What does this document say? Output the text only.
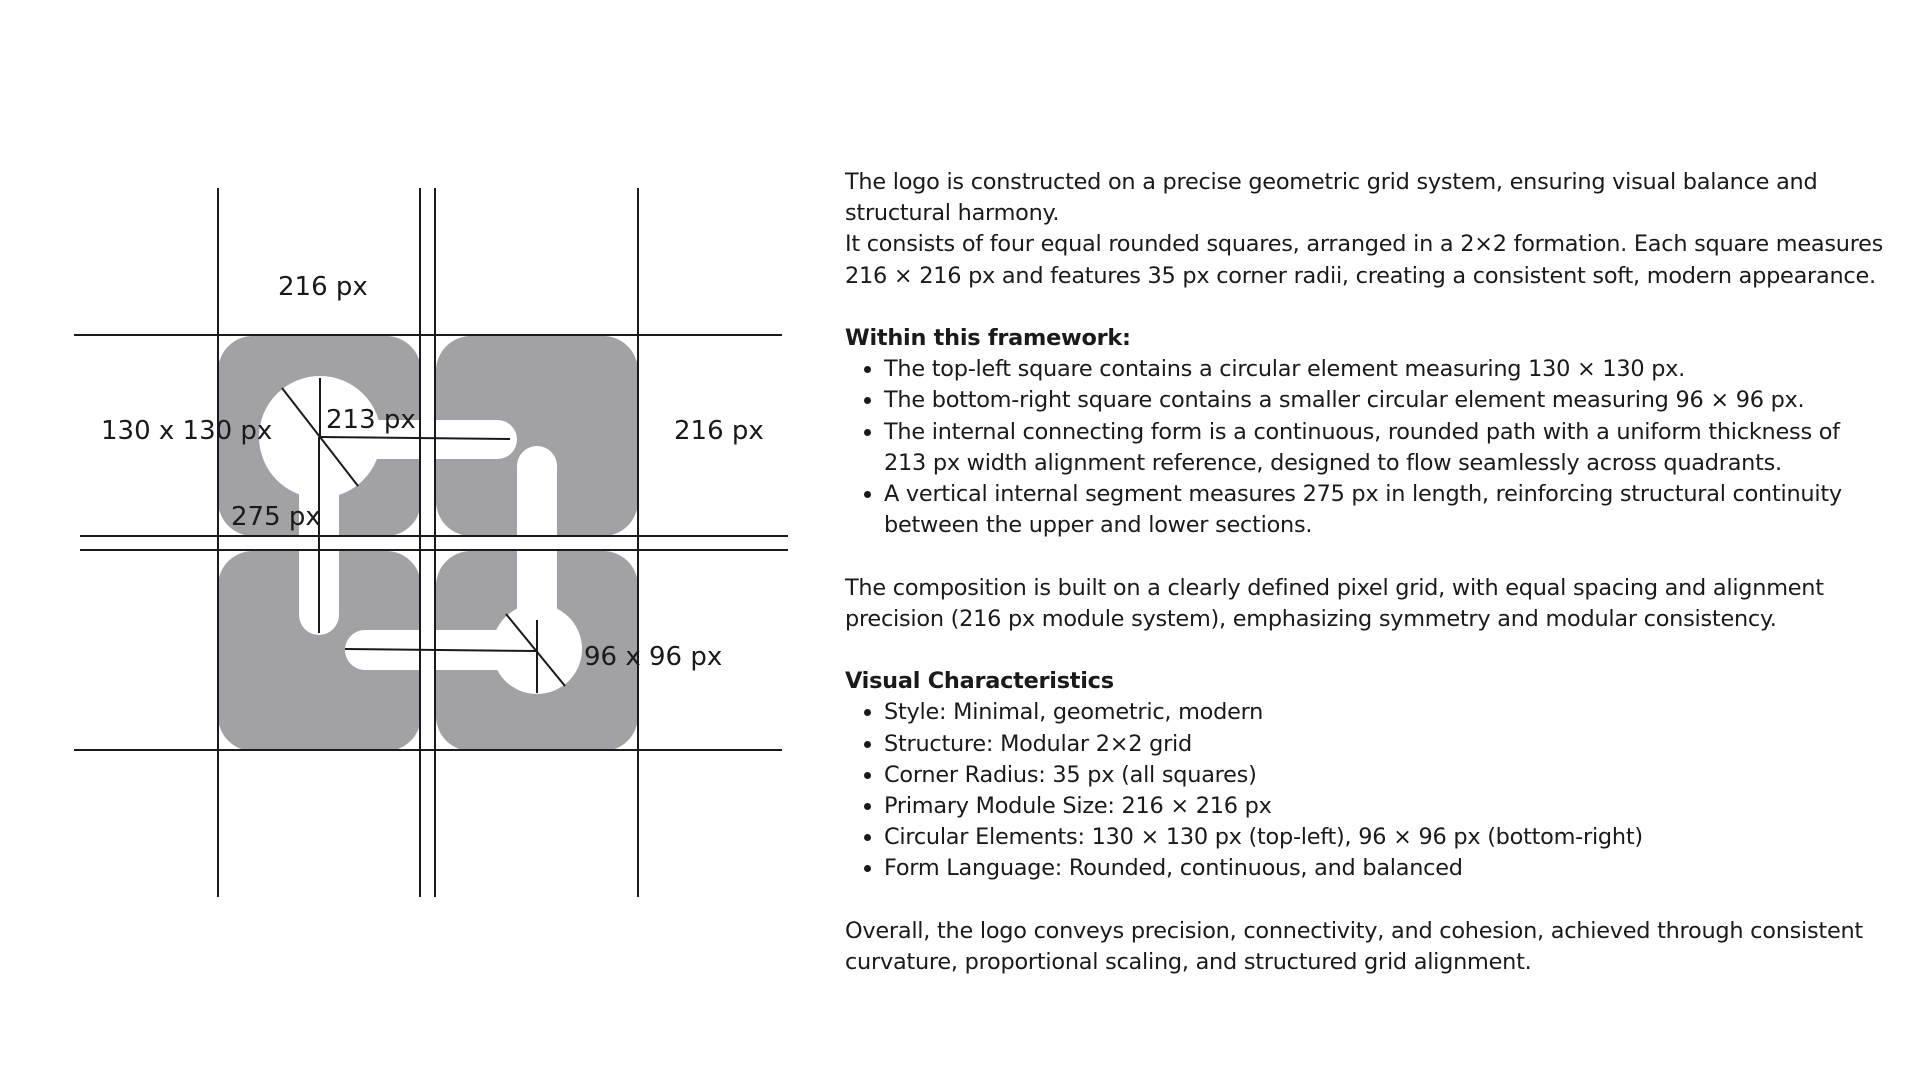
216 px
130 x 130 px 213 px	216 px
275 px
96 x 96 px

The logo is constructed on a precise geometric grid system, ensuring visual balance and structural harmony.

It consists of four equal rounded squares, arranged in a 2×2 formation. Each square measures 216 × 216 px and features 35 px corner radii, creating a consistent soft, modern appearance.

Within this framework:

• The top-left square contains a circular element measuring 130 × 130 px.
• The bottom-right square contains a smaller circular element measuring 96 × 96 px.
• The internal connecting form is a continuous, rounded path with a uniform thickness of 213 px width alignment reference, designed to flow seamlessly across quadrants.
• A vertical internal segment measures 275 px in length, reinforcing structural continuity between the upper and lower sections.

The composition is built on a clearly defined pixel grid, with equal spacing and alignment precision (216 px module system), emphasizing symmetry and modular consistency.

Visual Characteristics

• Style: Minimal, geometric, modern
• Structure: Modular 2×2 grid
• Corner Radius: 35 px (all squares)
• Primary Module Size: 216 × 216 px
• Circular Elements: 130 × 130 px (top-left), 96 × 96 px (bottom-right)
• Form Language: Rounded, continuous, and balanced

Overall, the logo conveys precision, connectivity, and cohesion, achieved through consistent curvature, proportional scaling, and structured grid alignment.
